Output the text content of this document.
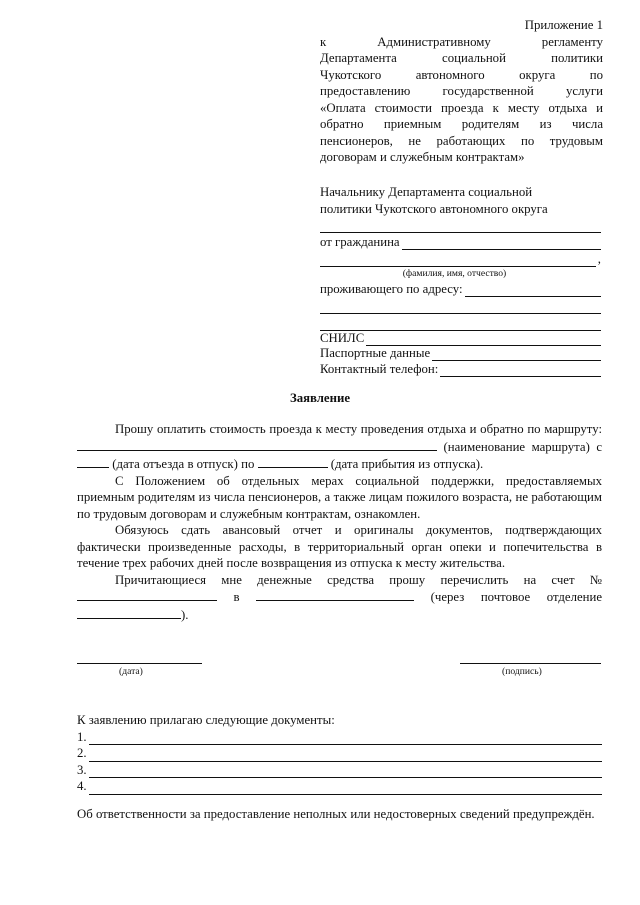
Приложение 1
к Административному регламенту
Департамента социальной политики
Чукотского автономного округа по
предоставлению государственной услуги
«Оплата стоимости проезда к месту отдыха и
обратно приемным родителям из числа
пенсионеров, не работающих по трудовым
договорам и служебным контрактам»
Начальнику Департамента социальной
политики Чукотского автономного округа
от гражданина
,
(фамилия, имя, отчество)
проживающего по адресу:
СНИЛС
Паспортные данные
Контактный телефон:
Заявление
Прошу оплатить стоимость проезда к месту проведения отдыха и обратно по маршруту:  (наименование маршрута) с  (дата отъезда в отпуск) по	(дата прибытия из отпуска).
С Положением об отдельных мерах социальной поддержки, предоставляемых приемным родителям из числа пенсионеров, а также лицам пожилого возраста, не работающим по трудовым договорам и служебным контрактам, ознакомлен.
Обязуюсь сдать авансовый отчет и оригиналы документов, подтверждающих фактически произведенные расходы, в территориальный орган опеки и попечительства в течение трех рабочих дней после возвращения из отпуска к месту жительства.
Причитающиеся мне денежные средства прошу перечислить на счет №  в	(через почтовое отделение ).
(дата)	(подпись)
К заявлению прилагаю следующие документы:
1.
2.
3.
4.
Об ответственности за предоставление неполных или недостоверных сведений предупреждён.
